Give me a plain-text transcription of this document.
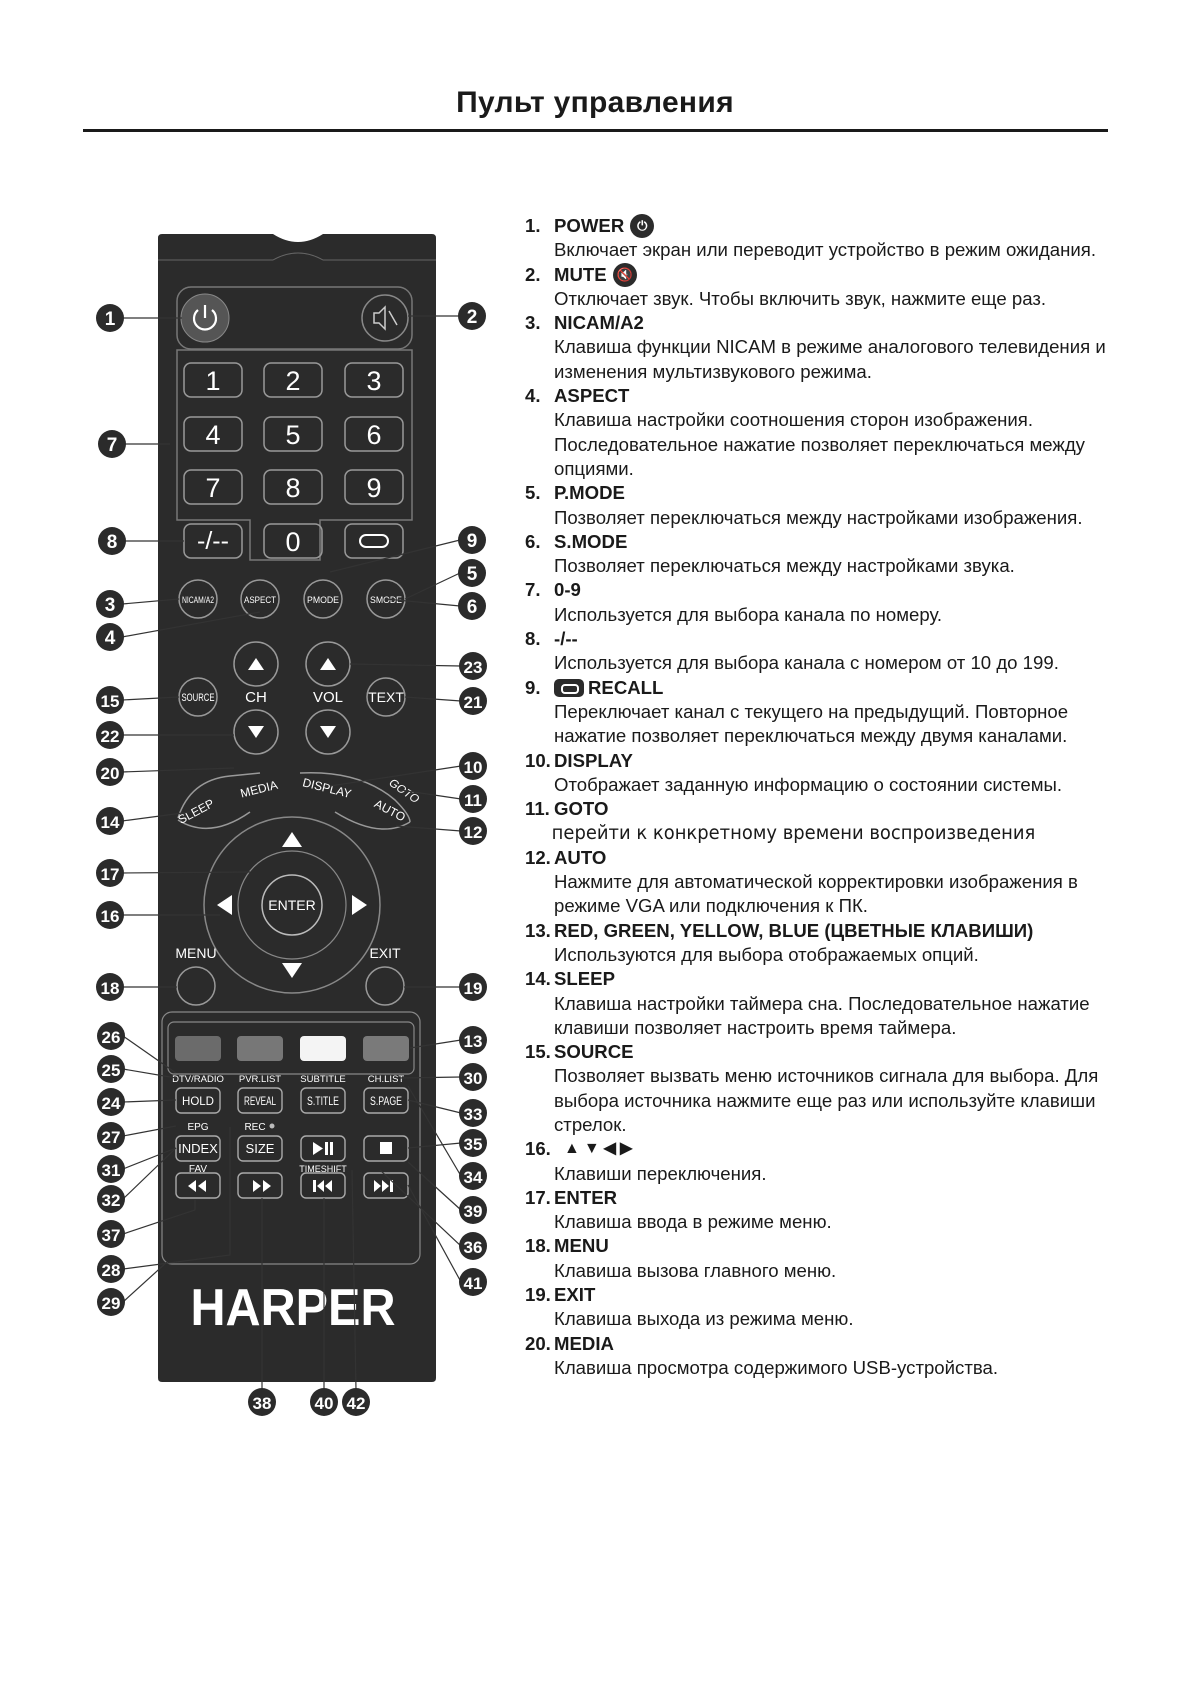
Пульт управления
1 2 3
4 5 6
7 8 9
0
-/--
NICAM/A2	ASPECT	PMODE	SMODE
SOURCE	TEXT
CH	VOL
SLEEP
MEDIA DISPLAY
AUTO
GOTO
ENTER
MENU	EXIT
DTV/RADIO PVR.LIST SUBTITLE CH.LIST
HOLD REVEAL	S.TITLE	S.PAGE
EPG	REC
INDEX SIZE
FAV	TIMESHIFT
HARPER
1	2
7
8	9
5
3	6
4
23
15	21
22
20	10
11
14
12
17
16
18	19
26	13
25	30
24
33
27	35
31	34
32
39
37
36
28
41
29
38	40 42
1. POWER ⏻
Включает экран или переводит устройство в режим ожидания.
2. MUTE 🔇
Отключает звук. Чтобы включить звук, нажмите еще раз.
3. NICAM/A2
Клавиша функции NICAM в режиме аналогового телевидения и изменения мультизвукового режима.
4. ASPECT
Клавиша настройки соотношения сторон изображения. Последовательное нажатие позволяет переключаться между опциями.
5. P.MODE
Позволяет переключаться между настройками изображения.
6. S.MODE
Позволяет переключаться между настройками звука.
7. 0-9
Используется для выбора канала по номеру.
8. -/--
Используется для выбора канала с номером от 10 до 199.
9.	RECALL
Переключает канал с текущего на предыдущий. Повторное нажатие позволяет переключаться между двумя каналами.
10. DISPLAY
Отображает заданную информацию о состоянии системы.
11. GOTO
перейти к конкретному времени воспроизведения
12. AUTO
Нажмите для автоматической корректировки изображения в режиме VGA или подключения к ПК.
13. RED, GREEN, YELLOW, BLUE (ЦВЕТНЫЕ КЛАВИШИ)
Используются для выбора отображаемых опций.
14. SLEEP
Клавиша настройки таймера сна. Последовательное нажатие клавиши позволяет настроить время таймера.
15. SOURCE
Позволяет вызвать меню источников сигнала для выбора. Для выбора источника нажмите еще раз или используйте клавиши стрелок.
16. ▲▼◀▶
Клавиши переключения.
17. ENTER
Клавиша ввода в режиме меню.
18. MENU
Клавиша вызова главного меню.
19. EXIT
Клавиша выхода из режима меню.
20. MEDIA
Клавиша просмотра содержимого USB-устройства.
